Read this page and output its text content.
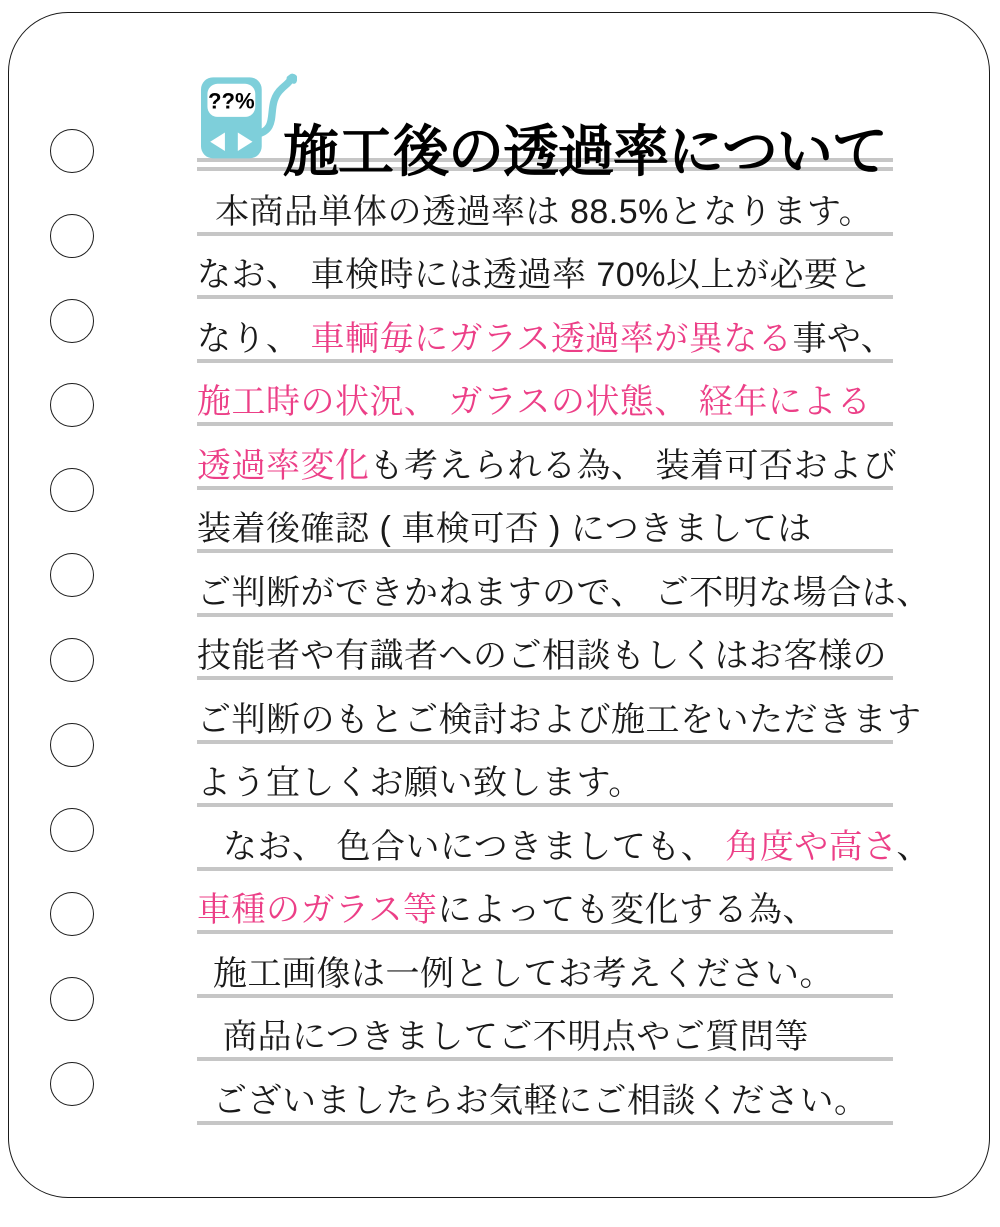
??%
施工後の透過率について
本商品単体の透過率は 88.5%となります。
なお、 車検時には透過率 70%以上が必要と
なり、 車輌毎にガラス透過率が異なる事や、
施工時の状況、 ガラスの状態、 経年による
透過率変化も考えられる為、 装着可否および
装着後確認 ( 車検可否 ) につきましては
ご判断ができかねますので、 ご不明な場合は、
技能者や有識者へのご相談もしくはお客様の
ご判断のもとご検討および施工をいただきます
よう宜しくお願い致します。
なお、 色合いにつきましても、 角度や高さ、
車種のガラス等によっても変化する為、
施工画像は一例としてお考えください。
商品につきましてご不明点やご質問等
ございましたらお気軽にご相談ください。
